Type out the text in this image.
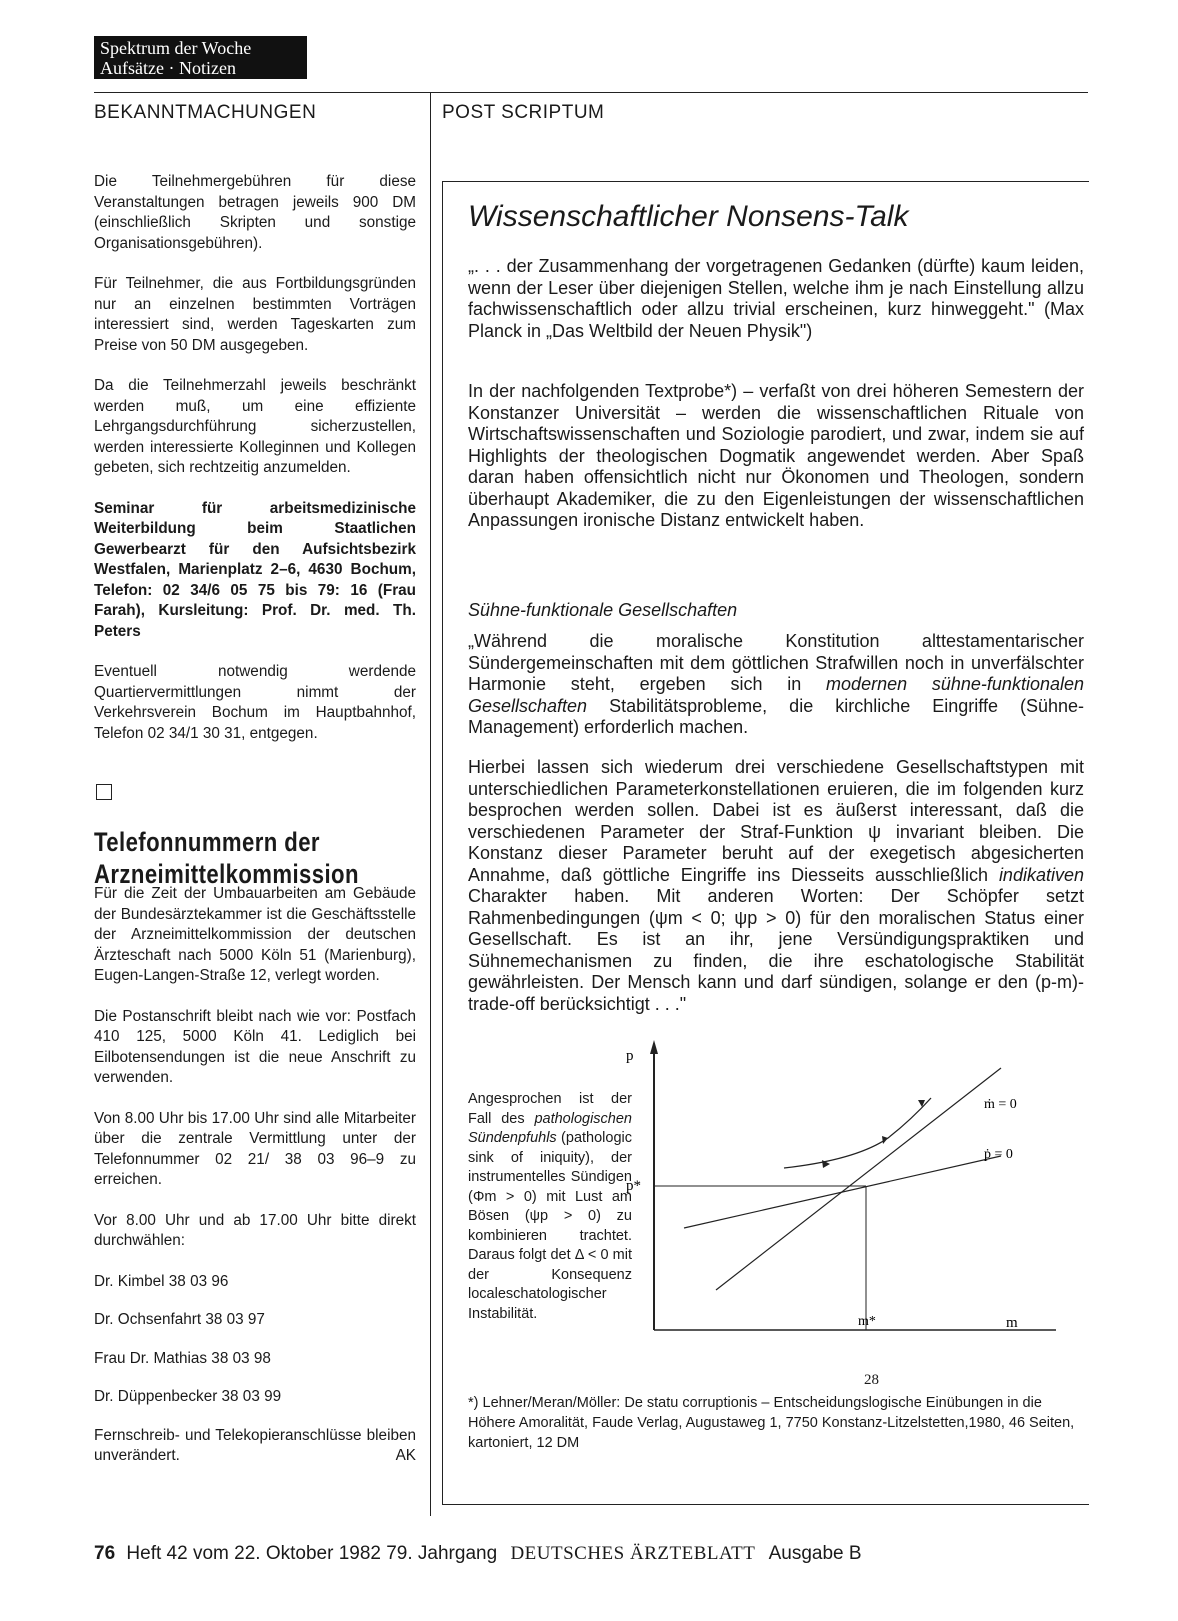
Spektrum der Woche
Aufsätze · Notizen
BEKANNTMACHUNGEN	POST SCRIPTUM

Die Teilnehmergebühren für diese Veranstaltungen betragen jeweils 900 DM (einschließlich Skripten und sonstige Organisationsgebühren).

Für Teilnehmer, die aus Fortbildungsgründen nur an einzelnen bestimmten Vorträgen interessiert sind, werden Tageskarten zum Preise von 50 DM ausgegeben.

Da die Teilnehmerzahl jeweils beschränkt werden muß, um eine effiziente Lehrgangsdurchführung sicherzustellen, werden interessierte Kolleginnen und Kollegen gebeten, sich rechtzeitig anzumelden.

Seminar für arbeitsmedizinische Weiterbildung beim Staatlichen Gewerbearzt für den Aufsichtsbezirk Westfalen, Marienplatz 2–6, 4630 Bochum, Telefon: 02 34/6 05 75 bis 79: 16 (Frau Farah), Kursleitung: Prof. Dr. med. Th. Peters

Eventuell notwendig werdende Quartiervermittlungen nimmt der Verkehrsverein Bochum im Hauptbahnhof, Telefon 02 34/1 30 31, entgegen.

Telefonnummern der
Arzneimittelkommission

Für die Zeit der Umbauarbeiten am Gebäude der Bundesärztekammer ist die Geschäftsstelle der Arzneimittelkommission der deutschen Ärzteschaft nach 5000 Köln 51 (Marienburg), Eugen-Langen-Straße 12, verlegt worden.

Die Postanschrift bleibt nach wie vor: Postfach 410 125, 5000 Köln 41. Lediglich bei Eilbotensendungen ist die neue Anschrift zu verwenden.

Von 8.00 Uhr bis 17.00 Uhr sind alle Mitarbeiter über die zentrale Vermittlung unter der Telefonnummer 02 21/ 38 03 96–9 zu erreichen.

Vor 8.00 Uhr und ab 17.00 Uhr bitte direkt durchwählen:

Dr. Kimbel 38 03 96

Dr. Ochsenfahrt 38 03 97

Frau Dr. Mathias 38 03 98

Dr. Düppenbecker 38 03 99

Fernschreib- und Telekopieranschlüsse bleiben unverändert.	AK

Wissenschaftlicher Nonsens-Talk

„. . . der Zusammenhang der vorgetragenen Gedanken (dürfte) kaum leiden, wenn der Leser über diejenigen Stellen, welche ihm je nach Einstellung allzu fachwissenschaftlich oder allzu trivial erscheinen, kurz hinweggeht." (Max Planck in „Das Weltbild der Neuen Physik")

In der nachfolgenden Textprobe*) – verfaßt von drei höheren Semestern der Konstanzer Universität – werden die wissenschaftlichen Rituale von Wirtschaftswissenschaften und Soziologie parodiert, und zwar, indem sie auf Highlights der theologischen Dogmatik angewendet werden. Aber Spaß daran haben offensichtlich nicht nur Ökonomen und Theologen, sondern überhaupt Akademiker, die zu den Eigenleistungen der wissenschaftlichen Anpassungen ironische Distanz entwickelt haben.

Sühne-funktionale Gesellschaften

„Während die moralische Konstitution alttestamentarischer Sündergemeinschaften mit dem göttlichen Strafwillen noch in unverfälschter Harmonie steht, ergeben sich in modernen sühne-funktionalen Gesellschaften Stabilitätsprobleme, die kirchliche Eingriffe (Sühne-Management) erforderlich machen.

Hierbei lassen sich wiederum drei verschiedene Gesellschaftstypen mit unterschiedlichen Parameterkonstellationen eruieren, die im folgenden kurz besprochen werden sollen. Dabei ist es äußerst interessant, daß die verschiedenen Parameter der Straf-Funktion ψ invariant bleiben. Die Konstanz dieser Parameter beruht auf der exegetisch abgesicherten Annahme, daß göttliche Eingriffe ins Diesseits ausschließlich indikativen Charakter haben. Mit anderen Worten: Der Schöpfer setzt Rahmenbedingungen (ψm < 0; ψp > 0) für den moralischen Status einer Gesellschaft. Es ist an ihr, jene Versündigungspraktiken und Sühnemechanismen zu finden, die ihre eschatologische Stabilität gewährleisten. Der Mensch kann und darf sündigen, solange er den (p-m)-trade-off berücksichtigt . . ."

Angesprochen ist der Fall des pathologischen Sündenpfuhls (pathologic sink of iniquity), der instrumentelles Sündigen (Φm > 0) mit Lust am Bösen (ψp > 0) zu kombinieren trachtet. Daraus folgt det Δ < 0 mit der Konsequenz localeschatologischer Instabilität.

p
p*
m*	m
ṁ = 0
ṗ = 0
28
*) Lehner/Meran/Möller: De statu corruptionis – Entscheidungslogische Einübungen in die Höhere Amoralität, Faude Verlag, Augustaweg 1, 7750 Konstanz-Litzelstetten,1980, 46 Seiten, kartoniert, 12 DM
76 Heft 42 vom 22. Oktober 1982 79. Jahrgang DEUTSCHES ÄRZTEBLATT Ausgabe B
